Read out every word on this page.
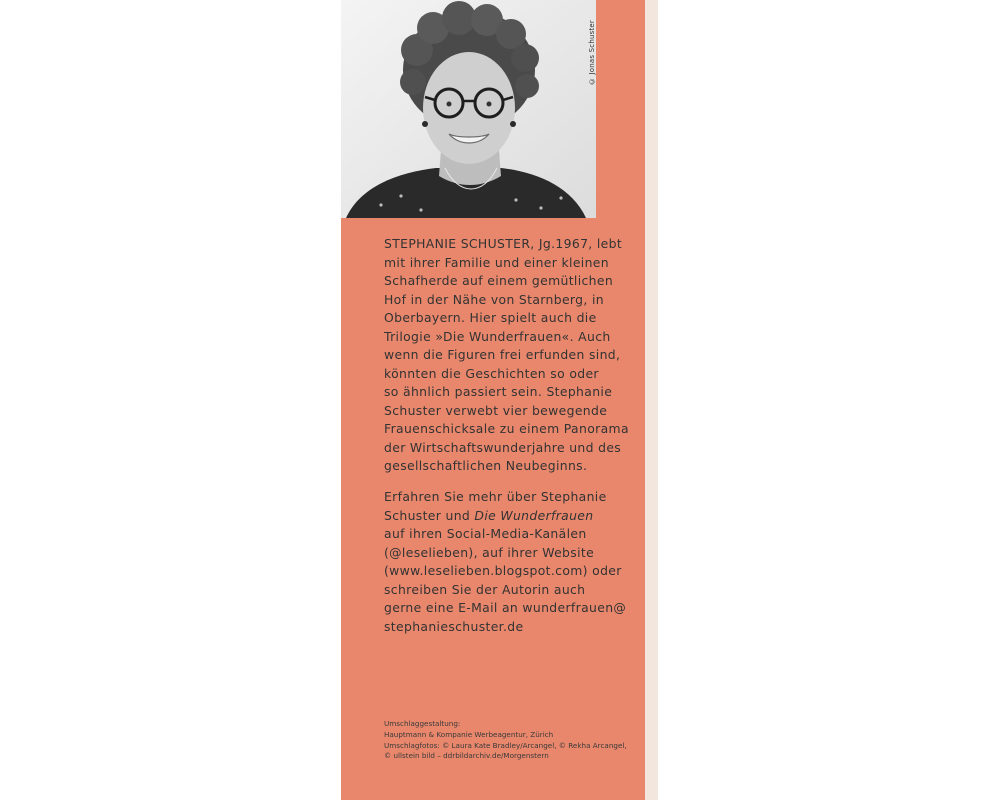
© Jonas Schuster

STEPHANIE SCHUSTER, Jg.1967, lebt
mit ihrer Familie und einer kleinen
Schafherde auf einem gemütlichen
Hof in der Nähe von Starnberg, in
Oberbayern. Hier spielt auch die
Trilogie »Die Wunderfrauen«. Auch
wenn die Figuren frei erfunden sind,
könnten die Geschichten so oder
so ähnlich passiert sein. Stephanie
Schuster verwebt vier bewegende
Frauenschicksale zu einem Panorama
der Wirtschaftswunderjahre und des
gesellschaftlichen Neubeginns.

Erfahren Sie mehr über Stephanie
Schuster und Die Wunderfrauen
auf ihren Social-Media-Kanälen
(@leselieben), auf ihrer Website
(www.leselieben.blogspot.com) oder
schreiben Sie der Autorin auch
gerne eine E-Mail an wunderfrauen@
stephanieschuster.de

Umschlaggestaltung:
Hauptmann & Kompanie Werbeagentur, Zürich
Umschlagfotos: © Laura Kate Bradley/Arcangel, © Rekha Arcangel,
© ullstein bild – ddrbildarchiv.de/Morgenstern
